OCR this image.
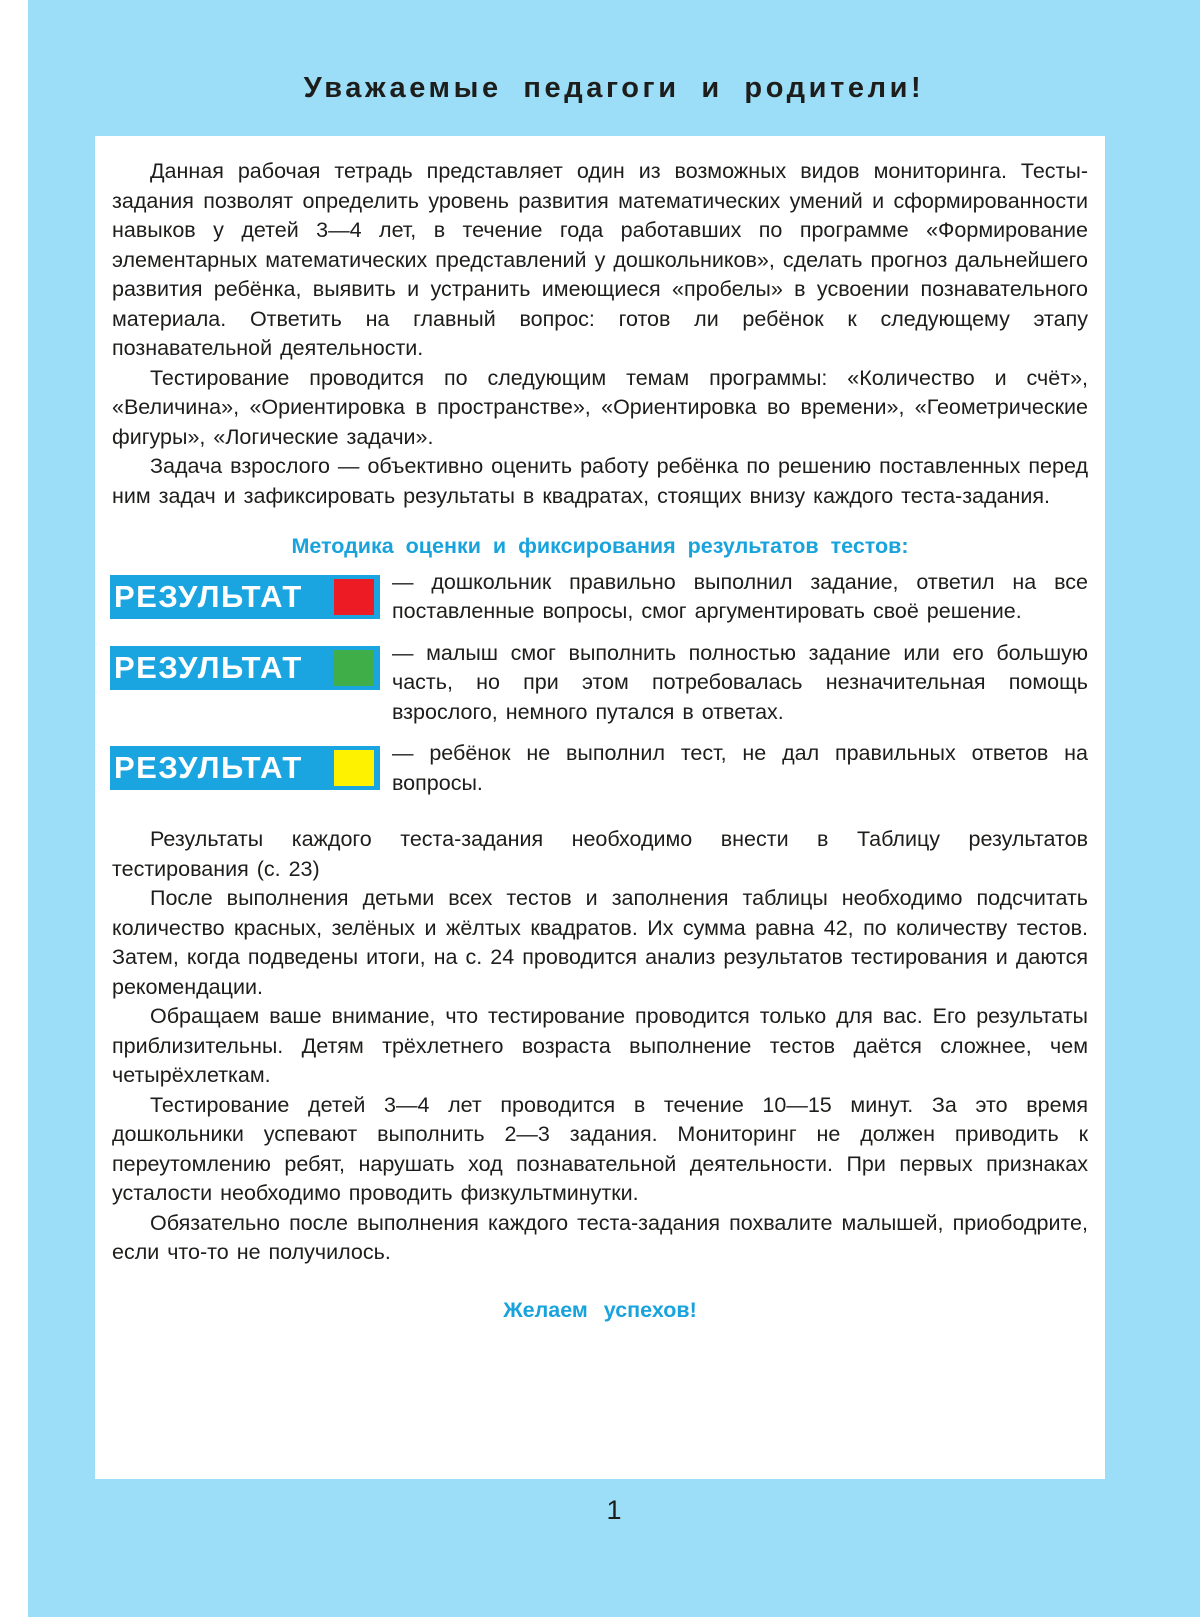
Уважаемые педагоги и родители!

Данная рабочая тетрадь представляет один из возможных видов мониторинга. Тесты-задания позволят определить уровень развития математических умений и сформированности навыков у детей 3—4 лет, в течение года работавших по программе «Формирование элементарных математических представлений у дошкольников», сделать прогноз дальнейшего развития ребёнка, выявить и устранить имеющиеся «пробелы» в усвоении познавательного материала. Ответить на главный вопрос: готов ли ребёнок к следующему этапу познавательной деятельности.

Тестирование проводится по следующим темам программы: «Количество и счёт», «Величина», «Ориентировка в пространстве», «Ориентировка во времени», «Геометрические фигуры», «Логические задачи».

Задача взрослого — объективно оценить работу ребёнка по решению поставленных перед ним задач и зафиксировать результаты в квадратах, стоящих внизу каждого теста-задания.

Методика оценки и фиксирования результатов тестов:
РЕЗУЛЬТАТ	— дошкольник правильно выполнил задание, ответил на все поставленные вопросы, смог аргументировать своё решение.
РЕЗУЛЬТАТ	— малыш смог выполнить полностью задание или его большую часть, но при этом потребовалась незначительная помощь взрослого, немного путался в ответах.
РЕЗУЛЬТАТ	— ребёнок не выполнил тест, не дал правильных ответов на вопросы.

Результаты каждого теста-задания необходимо внести в Таблицу результатов тестирования (с. 23)

После выполнения детьми всех тестов и заполнения таблицы необходимо подсчитать количество красных, зелёных и жёлтых квадратов. Их сумма равна 42, по количеству тестов. Затем, когда подведены итоги, на с. 24 проводится анализ результатов тестирования и даются рекомендации.

Обращаем ваше внимание, что тестирование проводится только для вас. Его результаты приблизительны. Детям трёхлетнего возраста выполнение тестов даётся сложнее, чем четырёхлеткам.

Тестирование детей 3—4 лет проводится в течение 10—15 минут. За это время дошкольники успевают выполнить 2—3 задания. Мониторинг не должен приводить к переутомлению ребят, нарушать ход познавательной деятельности. При первых признаках усталости необходимо проводить физкультминутки.

Обязательно после выполнения каждого теста-задания похвалите малышей, приободрите, если что-то не получилось.

Желаем успехов!
1
